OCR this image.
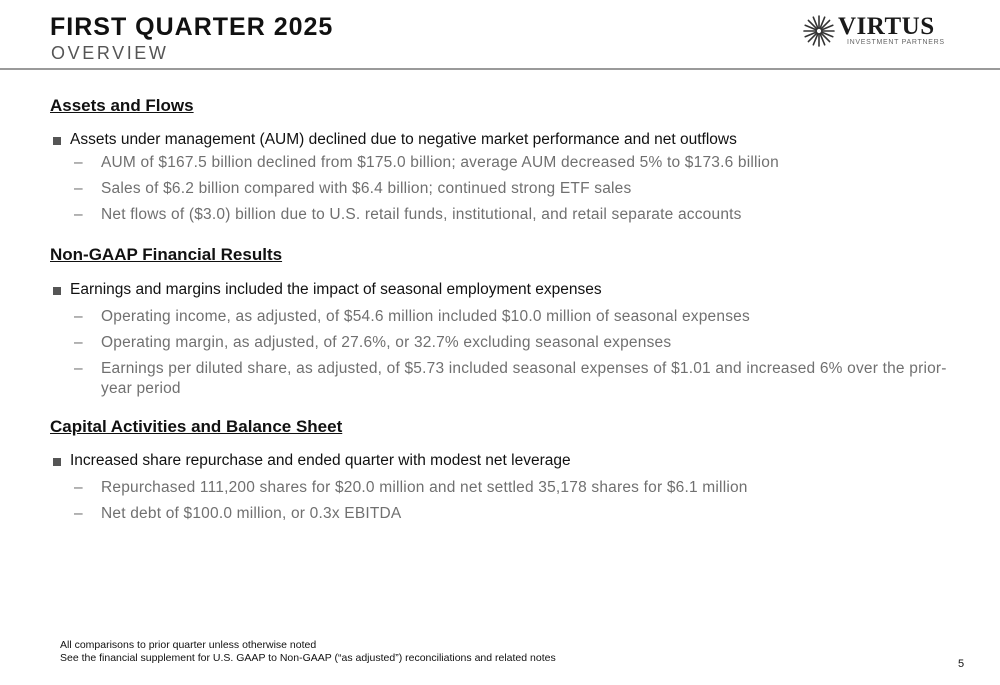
FIRST QUARTER 2025
OVERVIEW
VIRTUS
INVESTMENT PARTNERS
Assets and Flows
Assets under management (AUM) declined due to negative market performance and net outflows
– AUM of $167.5 billion declined from $175.0 billion; average AUM decreased 5% to $173.6 billion
– Sales of $6.2 billion compared with $6.4 billion; continued strong ETF sales
– Net flows of ($3.0) billion due to U.S. retail funds, institutional, and retail separate accounts
Non-GAAP Financial Results
Earnings and margins included the impact of seasonal employment expenses
– Operating income, as adjusted, of $54.6 million included $10.0 million of seasonal expenses
– Operating margin, as adjusted, of 27.6%, or 32.7% excluding seasonal expenses
– Earnings per diluted share, as adjusted, of $5.73 included seasonal expenses of $1.01 and increased 6% over the prior-year period
Capital Activities and Balance Sheet
Increased share repurchase and ended quarter with modest net leverage
– Repurchased 111,200 shares for $20.0 million and net settled 35,178 shares for $6.1 million
– Net debt of $100.0 million, or 0.3x EBITDA
All comparisons to prior quarter unless otherwise noted
See the financial supplement for U.S. GAAP to Non-GAAP (“as adjusted”) reconciliations and related notes	5
